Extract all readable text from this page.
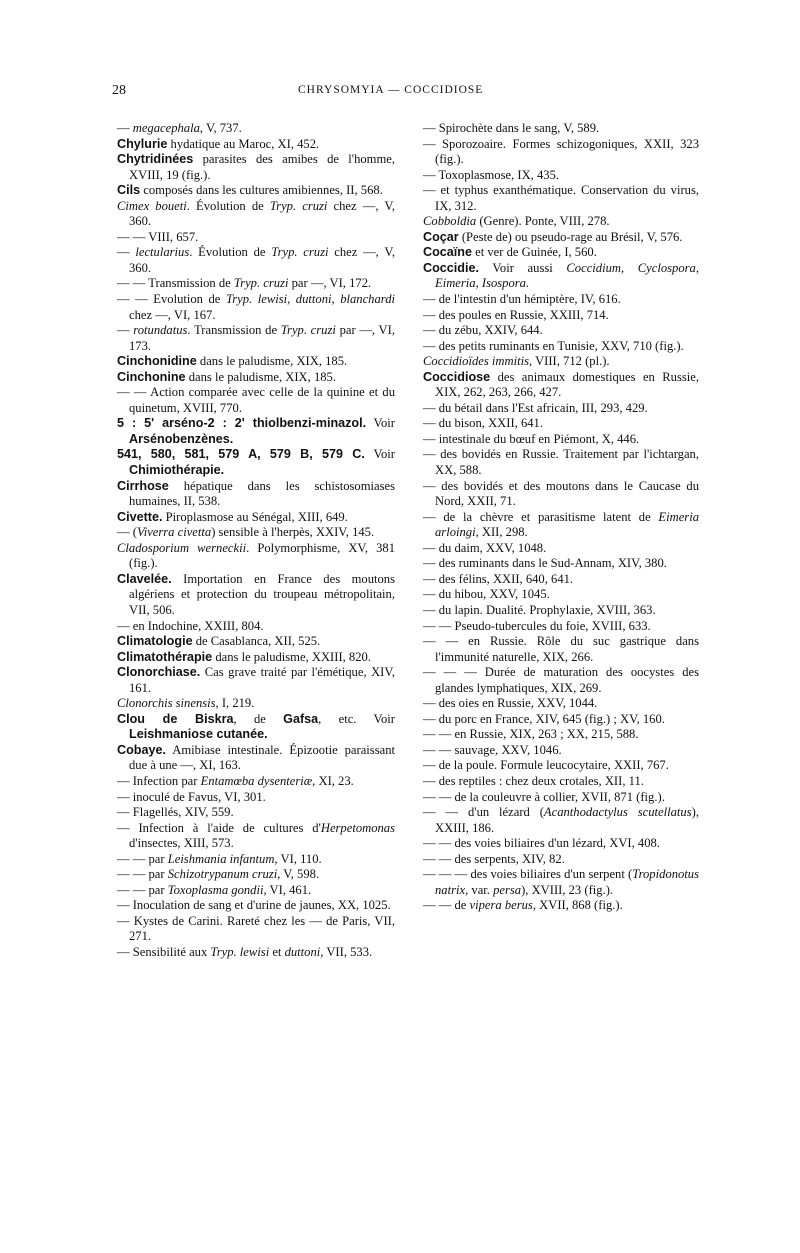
28	CHRYSOMYIA — COCCIDIOSE

— megacephala, V, 737.

Chylurie hydatique au Maroc, XI, 452.

Chytridinées parasites des amibes de l'homme, XVIII, 19 (fig.).

Cils composés dans les cultures amibiennes, II, 568.

Cimex boueti. Évolution de Tryp. cruzi chez —, V, 360.

— — VIII, 657.

— lectularius. Évolution de Tryp. cruzi chez —, V, 360.

— — Transmission de Tryp. cruzi par —, VI, 172.

— — Evolution de Tryp. lewisi, duttoni, blanchardi chez —, VI, 167.

— rotundatus. Transmission de Tryp. cruzi par —, VI, 173.

Cinchonidine dans le paludisme, XIX, 185.

Cinchonine dans le paludisme, XIX, 185.

— — Action comparée avec celle de la quinine et du quinetum, XVIII, 770.

5 : 5' arséno-2 : 2' thiolbenzi-minazol. Voir Arsénobenzènes.

541, 580, 581, 579 A, 579 B, 579 C. Voir Chimiothérapie.

Cirrhose hépatique dans les schistosomiases humaines, II, 538.

Civette. Piroplasmose au Sénégal, XIII, 649.

— (Viverra civetta) sensible à l'herpès, XXIV, 145.

Cladosporium werneckii. Polymorphisme, XV, 381 (fig.).

Clavelée. Importation en France des moutons algériens et protection du troupeau métropolitain, VII, 506.

— en Indochine, XXIII, 804.

Climatologie de Casablanca, XII, 525.

Climatothérapie dans le paludisme, XXIII, 820.

Clonorchiase. Cas grave traité par l'émétique, XIV, 161.

Clonorchis sinensis, I, 219.

Clou de Biskra, de Gafsa, etc. Voir Leishmaniose cutanée.

Cobaye. Amibiase intestinale. Épizootie paraissant due à une —, XI, 163.

— Infection par Entamœba dysenteriæ, XI, 23.

— inoculé de Favus, VI, 301.

— Flagellés, XIV, 559.

— Infection à l'aide de cultures d'Herpetomonas d'insectes, XIII, 573.

— — par Leishmania infantum, VI, 110.

— — par Schizotrypanum cruzi, V, 598.

— — par Toxoplasma gondii, VI, 461.

— Inoculation de sang et d'urine de jaunes, XX, 1025.

— Kystes de Carini. Rareté chez les — de Paris, VII, 271.

— Sensibilité aux Tryp. lewisi et duttoni, VII, 533.

— Spirochète dans le sang, V, 589.

— Sporozoaire. Formes schizogoniques, XXII, 323 (fig.).

— Toxoplasmose, IX, 435.

— et typhus exanthématique. Conservation du virus, IX, 312.

Cobboldia (Genre). Ponte, VIII, 278.

Coçar (Peste de) ou pseudo-rage au Brésil, V, 576.

Cocaïne et ver de Guinée, I, 560.

Coccidie. Voir aussi Coccidium, Cyclospora, Eimeria, Isospora.

— de l'intestin d'un hémiptère, IV, 616.

— des poules en Russie, XXIII, 714.

— du zébu, XXIV, 644.

— des petits ruminants en Tunisie, XXV, 710 (fig.).

Coccidioïdes immitis, VIII, 712 (pl.).

Coccidiose des animaux domestiques en Russie, XIX, 262, 263, 266, 427.

— du bétail dans l'Est africain, III, 293, 429.

— du bison, XXII, 641.

— intestinale du bœuf en Piémont, X, 446.

— des bovidés en Russie. Traitement par l'ichtargan, XX, 588.

— des bovidés et des moutons dans le Caucase du Nord, XXII, 71.

— de la chèvre et parasitisme latent de Eimeria arloingi, XII, 298.

— du daim, XXV, 1048.

— des ruminants dans le Sud-Annam, XIV, 380.

— des félins, XXII, 640, 641.

— du hibou, XXV, 1045.

— du lapin. Dualité. Prophylaxie, XVIII, 363.

— — Pseudo-tubercules du foie, XVIII, 633.

— — en Russie. Rôle du suc gastrique dans l'immunité naturelle, XIX, 266.

— — — Durée de maturation des oocystes des glandes lymphatiques, XIX, 269.

— des oies en Russie, XXV, 1044.

— du porc en France, XIV, 645 (fig.) ; XV, 160.

— — en Russie, XIX, 263 ; XX, 215, 588.

— — sauvage, XXV, 1046.

— de la poule. Formule leucocytaire, XXII, 767.

— des reptiles : chez deux crotales, XII, 11.

— — de la couleuvre à collier, XVII, 871 (fig.).

— — d'un lézard (Acanthodactylus scutellatus), XXIII, 186.

— — des voies biliaires d'un lézard, XVI, 408.

— — des serpents, XIV, 82.

— — — des voies biliaires d'un serpent (Tropidonotus natrix, var. persa), XVIII, 23 (fig.).

— — de vipera berus, XVII, 868 (fig.).
